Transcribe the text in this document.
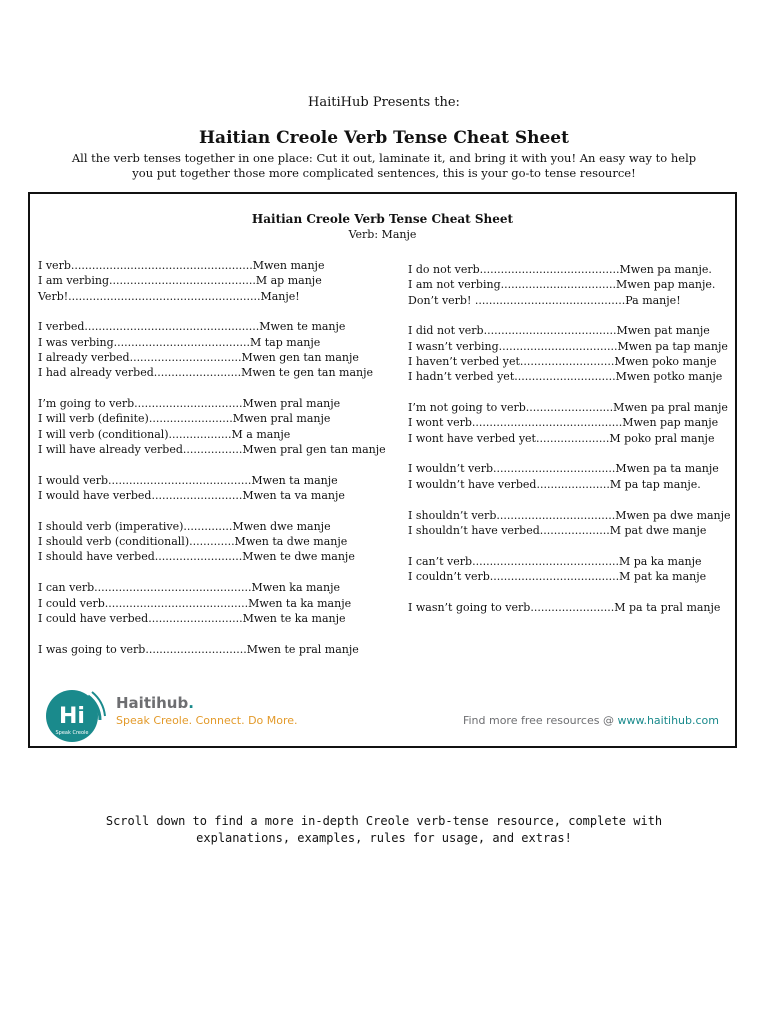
HaitiHub Presents the:
Haitian Creole Verb Tense Cheat Sheet
All the verb tenses together in one place: Cut it out, laminate it, and bring it with you! An easy way to help you put together those more complicated sentences, this is your go-to tense resource!
Haitian Creole Verb Tense Cheat Sheet
Verb: Manje
I verb....................................................Mwen manje
I am verbing..........................................M ap manje
Verb!.......................................................Manje!
I verbed..................................................Mwen te manje
I was verbing.......................................M tap manje
I already verbed................................Mwen gen tan manje
I had already verbed.........................Mwen te gen tan manje
I’m going to verb...............................Mwen pral manje
I will verb (definite)........................Mwen pral manje
I will verb (conditional)..................M a manje
I will have already verbed.................Mwen pral gen tan manje
I would verb.........................................Mwen ta manje
I would have verbed..........................Mwen ta va manje
I should verb (imperative)..............Mwen dwe manje
I should verb (conditionall).............Mwen ta dwe manje
I should have verbed.........................Mwen te dwe manje
I can verb.............................................Mwen ka manje
I could verb.........................................Mwen ta ka manje
I could have verbed...........................Mwen te ka manje
I was going to verb.............................Mwen te pral manje
I do not verb........................................Mwen pa manje.
I am not verbing.................................Mwen pap manje.
Don’t verb! ...........................................Pa manje!
I did not verb......................................Mwen pat manje
I wasn’t verbing..................................Mwen pa tap manje
I haven’t verbed yet...........................Mwen poko manje
I hadn’t verbed yet.............................Mwen potko manje
I’m not going to verb.........................Mwen pa pral manje
I wont verb...........................................Mwen pap manje
I wont have verbed yet.....................M poko pral manje
I wouldn’t verb...................................Mwen pa ta manje
I wouldn’t have verbed.....................M pa tap manje.
I shouldn’t verb..................................Mwen pa dwe manje
I shouldn’t have verbed....................M pat dwe manje
I can’t verb..........................................M pa ka manje
I couldn’t verb.....................................M pat ka manje
I wasn’t going to verb........................M pa ta pral manje
Hi
Speak Creole
Haitihub.
Speak Creole. Connect. Do More.	Find more free resources @ www.haitihub.com
Scroll down to find a more in-depth Creole verb-tense resource, complete with explanations, examples, rules for usage, and extras!
